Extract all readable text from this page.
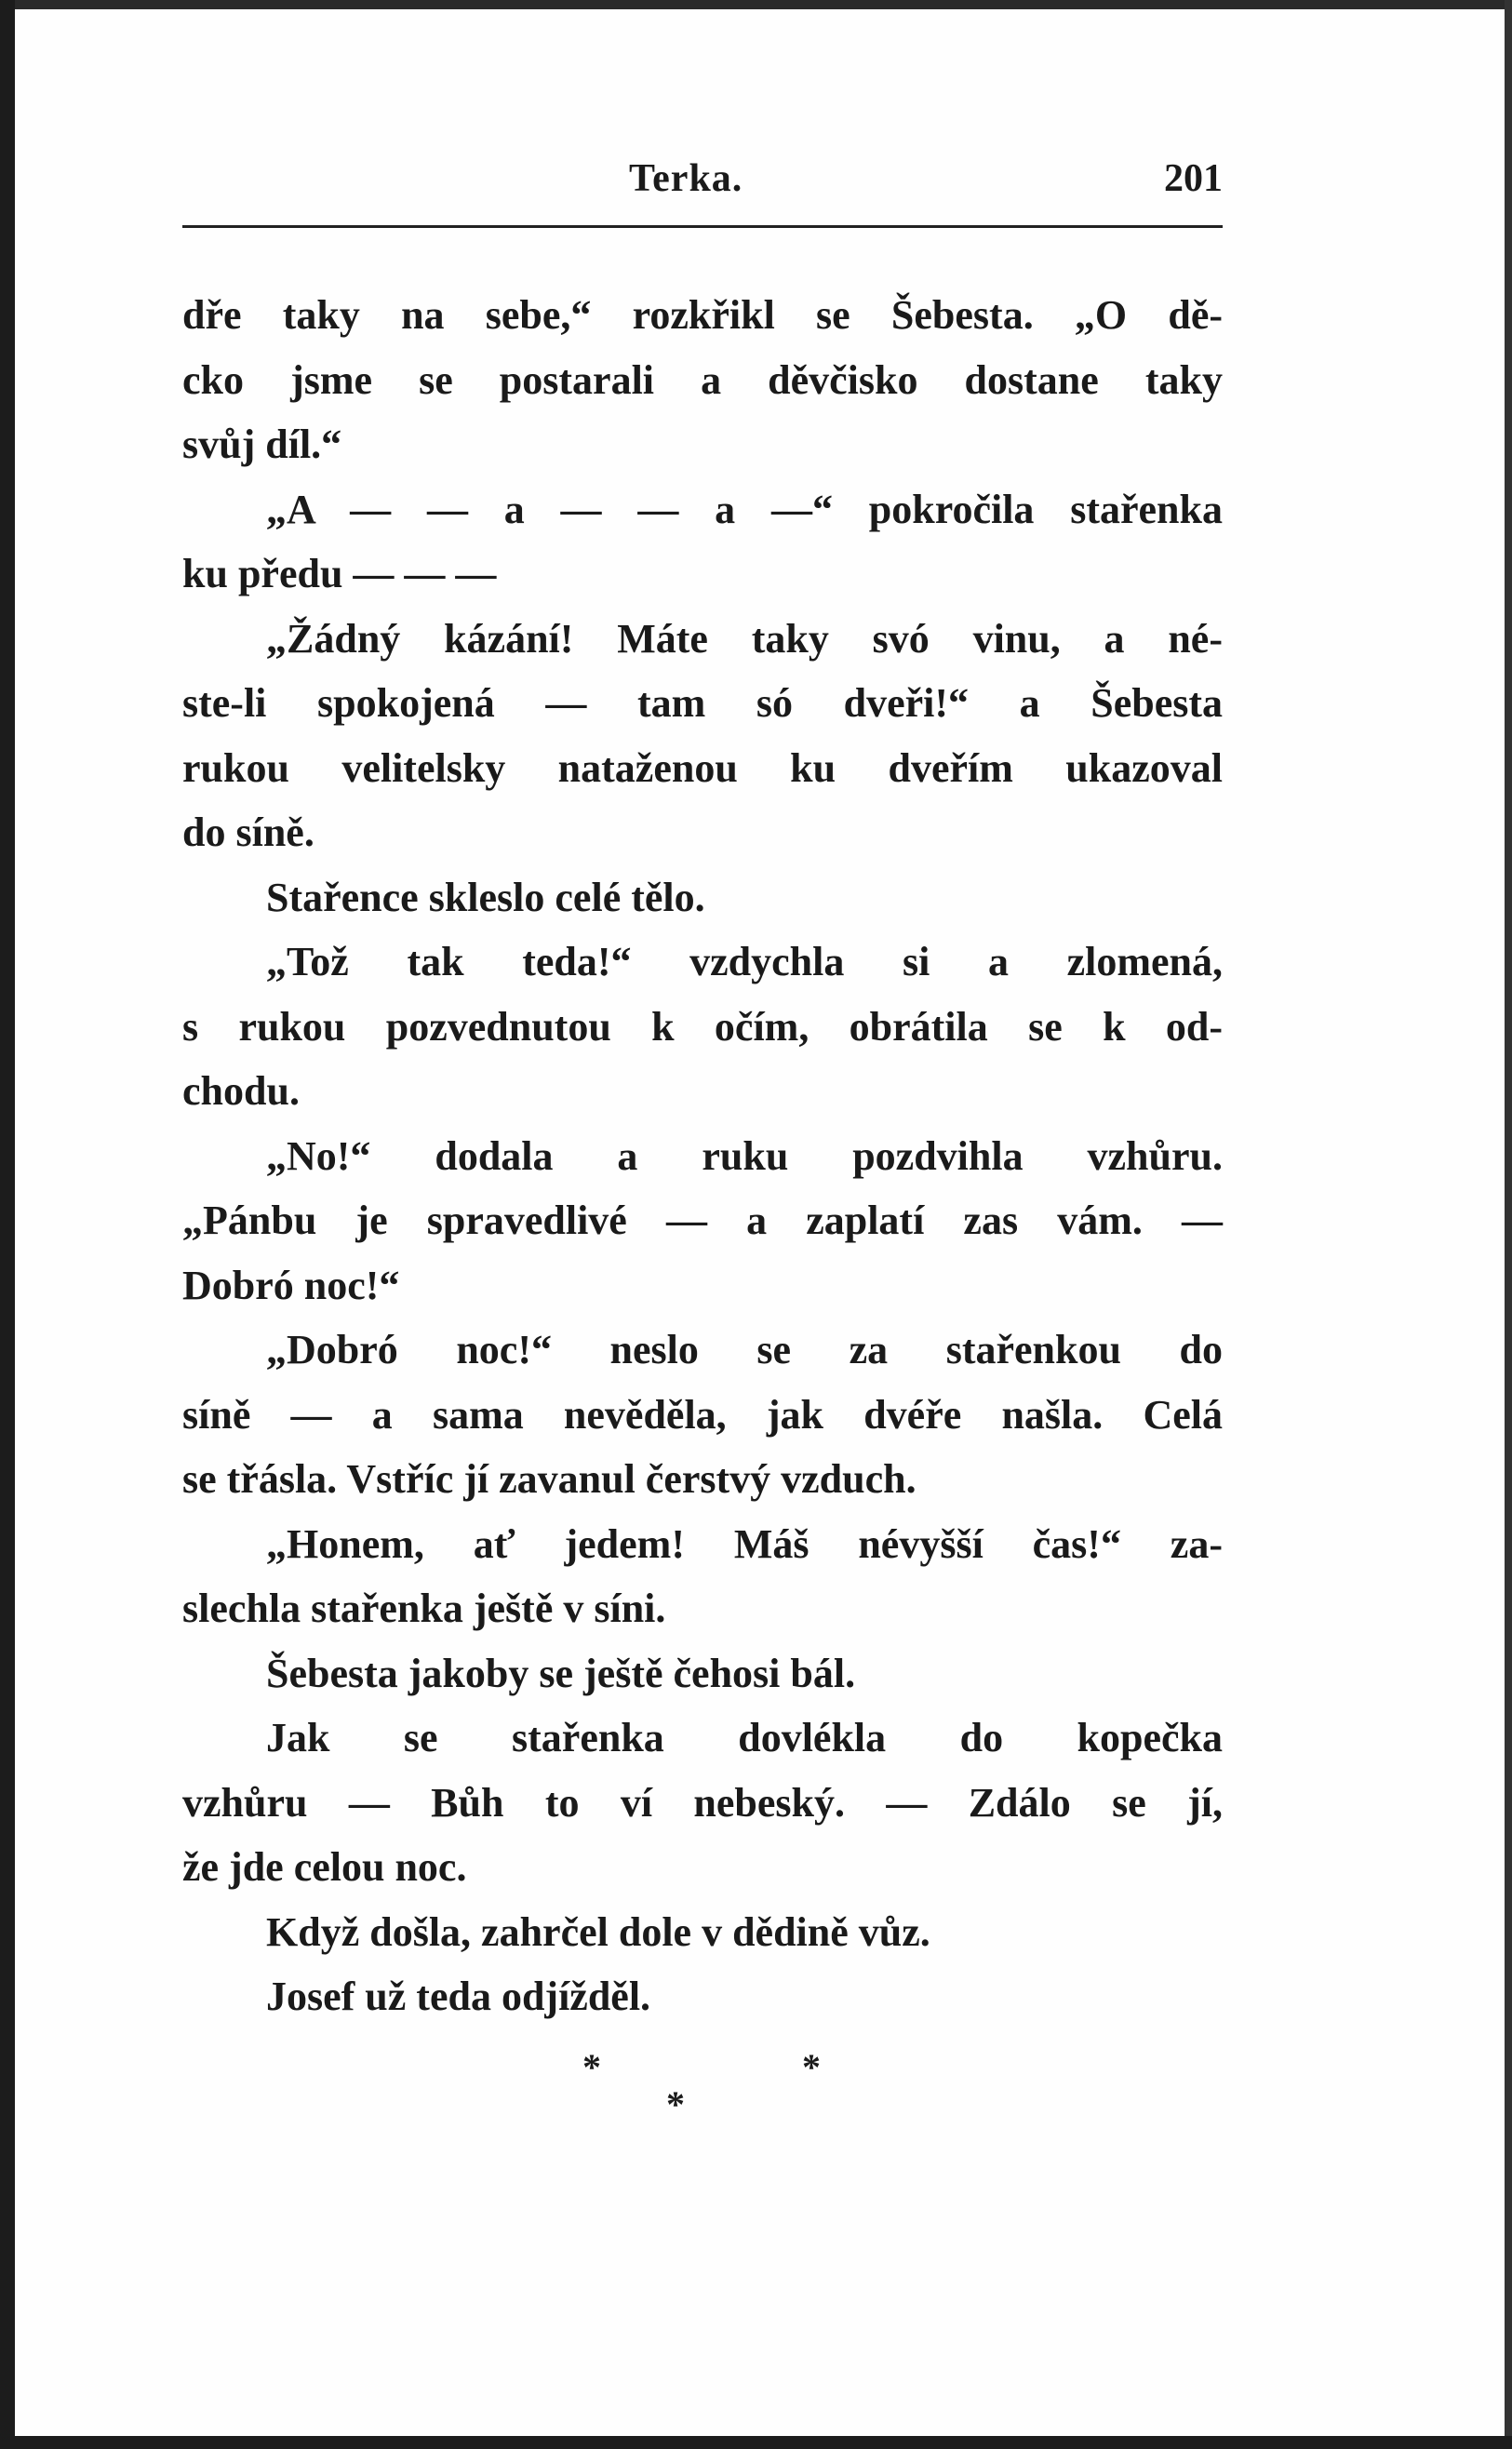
Terka.	201
dře taky na sebe,“ rozkřikl se Šebesta. „O dě-
cko jsme se postarali a děvčisko dostane taky
svůj díl.“
„A — — a — — a —“ pokročila stařenka
ku předu — — —
„Žádný kázání! Máte taky svó vinu, a né-
ste-li spokojená — tam só dveři!“ a Šebesta
rukou velitelsky nataženou ku dveřím ukazoval
do síně.
Stařence skleslo celé tělo.
„Tož tak teda!“ vzdychla si a zlomená,
s rukou pozvednutou k očím, obrátila se k od-
chodu.
„No!“ dodala a ruku pozdvihla vzhůru.
„Pánbu je spravedlivé — a zaplatí zas vám. —
Dobró noc!“
„Dobró noc!“ neslo se za stařenkou do
síně — a sama nevěděla, jak dvéře našla. Celá
se třásla. Vstříc jí zavanul čerstvý vzduch.
„Honem, ať jedem! Máš névyšší čas!“ za-
slechla stařenka ještě v síni.
Šebesta jakoby se ještě čehosi bál.
Jak se stařenka dovlékla do kopečka
vzhůru — Bůh to ví nebeský. — Zdálo se jí,
že jde celou noc.
Když došla, zahrčel dole v dědině vůz.
Josef už teda odjížděl.
*	*
*
